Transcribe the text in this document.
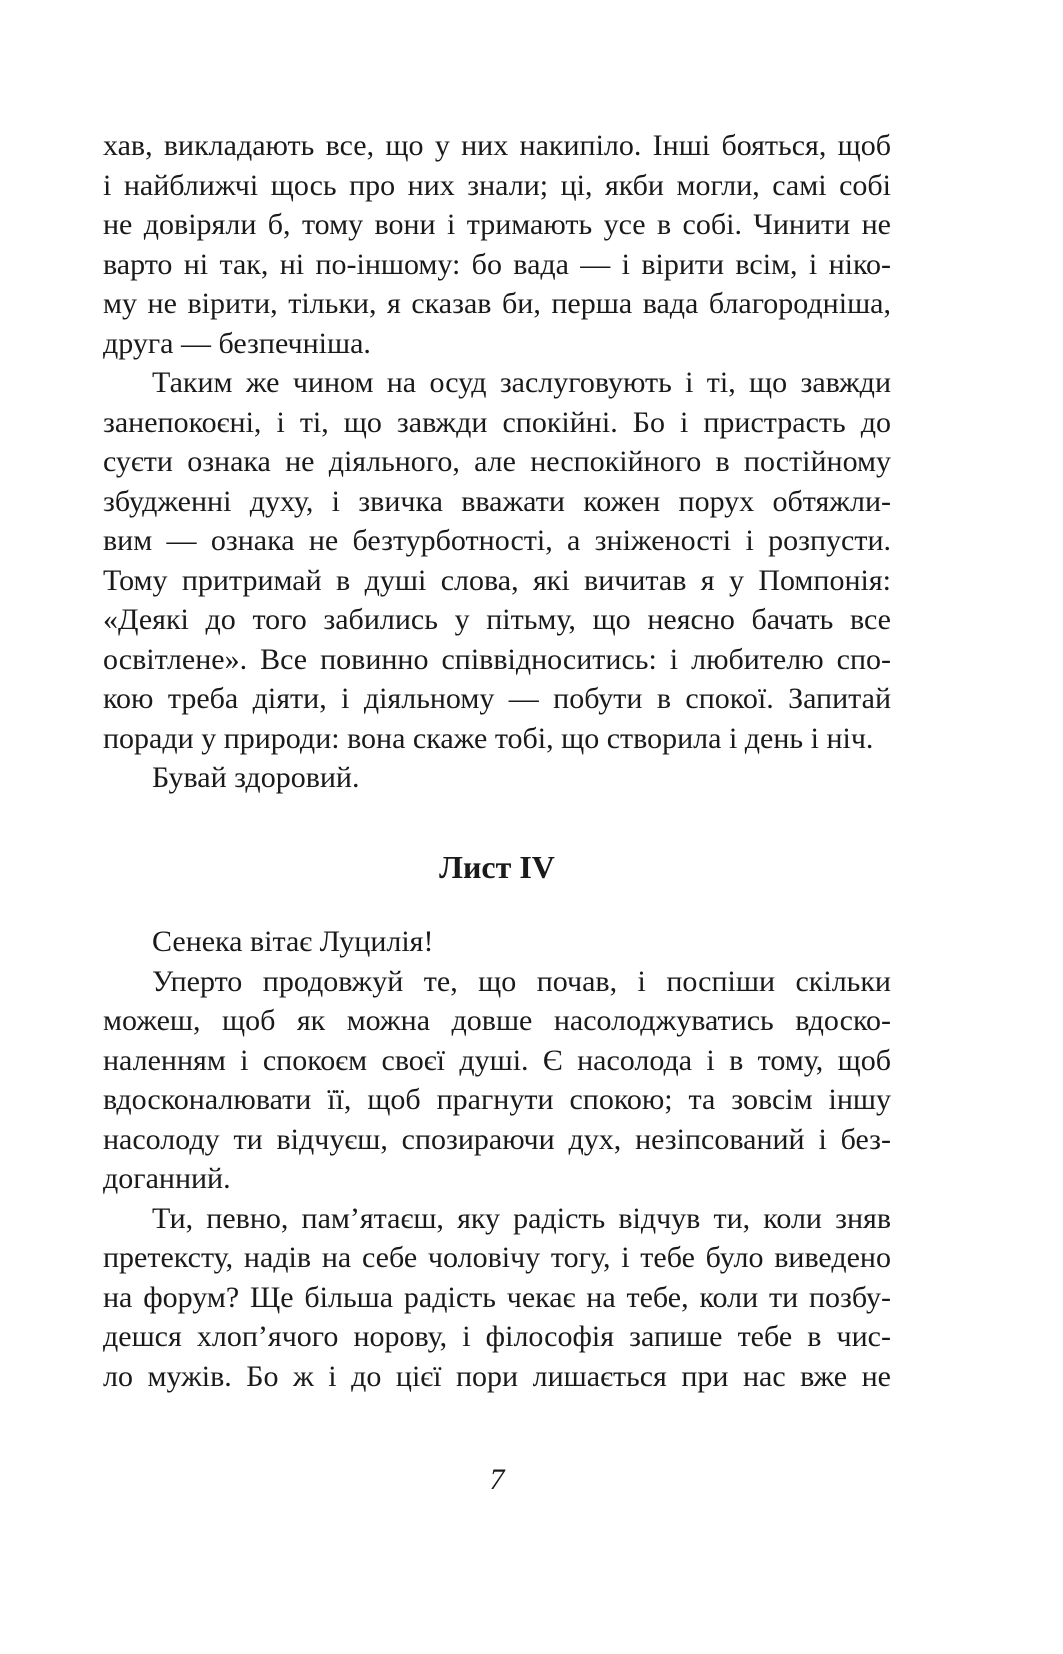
хав, викладають все, що у них накипіло. Інші бояться, щоб
і найближчі щось про них знали; ці, якби могли, самі собі
не довіряли б, тому вони і тримають усе в собі. Чинити не
варто ні так, ні по-іншому: бо вада — і вірити всім, і ніко-
му не вірити, тільки, я сказав би, перша вада благородніша,
друга — безпечніша.
Таким же чином на осуд заслуговують і ті, що завжди
занепокоєні, і ті, що завжди спокійні. Бо і пристрасть до
суєти ознака не діяльного, але неспокійного в постійному
збудженні духу, і звичка вважати кожен порух обтяжли-
вим — ознака не безтурботності, а зніженості і розпусти.
Тому притримай в душі слова, які вичитав я у Помпонія:
«Деякі до того забились у пітьму, що неясно бачать все
освітлене». Все повинно співвідноситись: і любителю спо-
кою треба діяти, і діяльному — побути в спокої. Запитай
поради у природи: вона скаже тобі, що створила і день і ніч.
Бувай здоровий.
Лист IV
Сенека вітає Луцилія!
Уперто продовжуй те, що почав, і поспіши скільки
можеш, щоб як можна довше насолоджуватись вдоско-
наленням і спокоєм своєї душі. Є насолода і в тому, щоб
вдосконалювати її, щоб прагнути спокою; та зовсім іншу
насолоду ти відчуєш, спозираючи дух, незіпсований і без-
доганний.
Ти, певно, пам’ятаєш, яку радість відчув ти, коли зняв
претексту, надів на себе чоловічу тогу, і тебе було виведено
на форум? Ще більша радість чекає на тебе, коли ти позбу-
дешся хлоп’ячого норову, і філософія запише тебе в чис-
ло мужів. Бо ж і до цієї пори лишається при нас вже не
7
